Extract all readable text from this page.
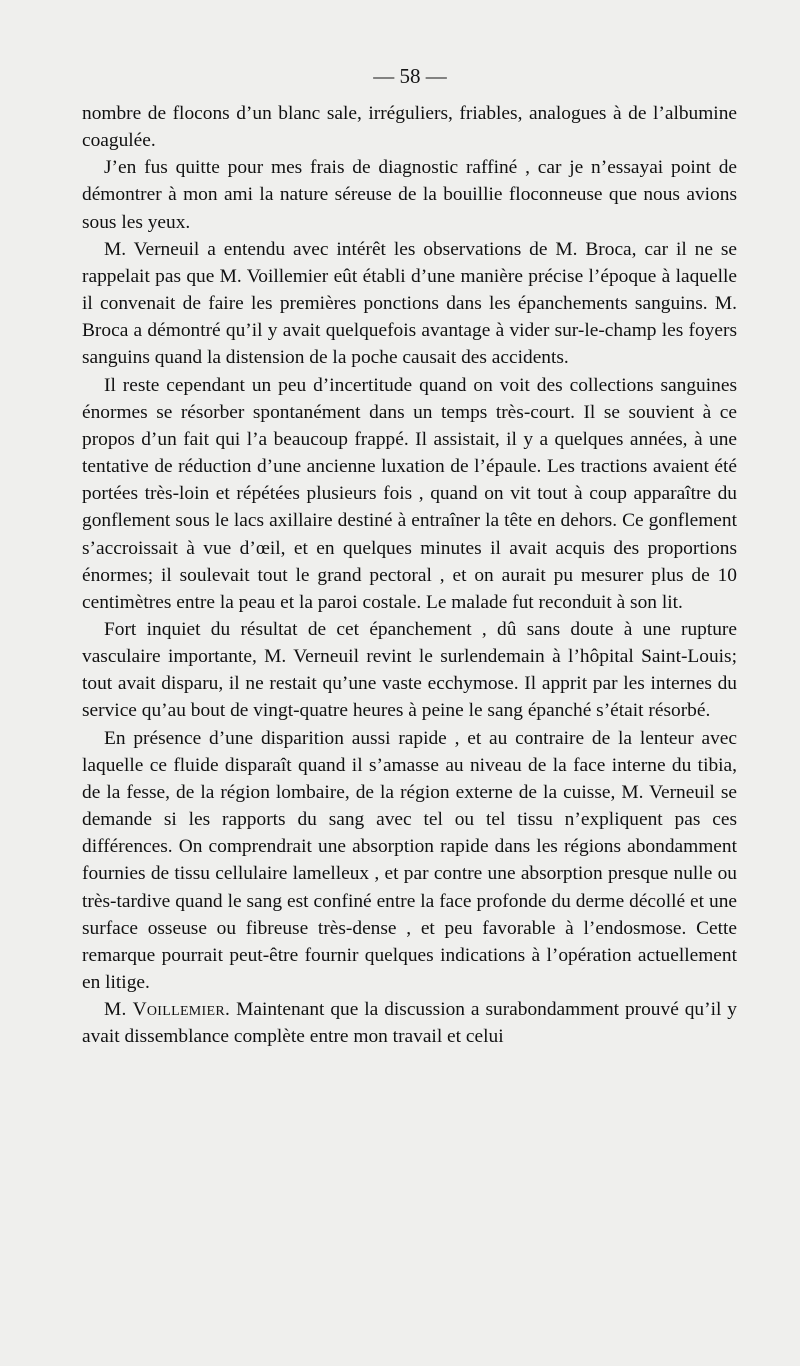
— 58 —

nombre de flocons d’un blanc sale, irréguliers, friables, analogues à de l’albumine coagulée.

J’en fus quitte pour mes frais de diagnostic raffiné , car je n’essayai point de démontrer à mon ami la nature séreuse de la bouillie floconneuse que nous avions sous les yeux.

M. Verneuil a entendu avec intérêt les observations de M. Broca, car il ne se rappelait pas que M. Voillemier eût établi d’une manière précise l’époque à laquelle il convenait de faire les premières ponctions dans les épanchements sanguins. M. Broca a démontré qu’il y avait quelquefois avantage à vider sur-le-champ les foyers sanguins quand la distension de la poche causait des accidents.

Il reste cependant un peu d’incertitude quand on voit des collections sanguines énormes se résorber spontanément dans un temps très-court. Il se souvient à ce propos d’un fait qui l’a beaucoup frappé. Il assistait, il y a quelques années, à une tentative de réduction d’une ancienne luxation de l’épaule. Les tractions avaient été portées très-loin et répétées plusieurs fois , quand on vit tout à coup apparaître du gonflement sous le lacs axillaire destiné à entraîner la tête en dehors. Ce gonflement s’accroissait à vue d’œil, et en quelques minutes il avait acquis des proportions énormes; il soulevait tout le grand pectoral , et on aurait pu mesurer plus de 10 centimètres entre la peau et la paroi costale. Le malade fut reconduit à son lit.

Fort inquiet du résultat de cet épanchement , dû sans doute à une rupture vasculaire importante, M. Verneuil revint le surlendemain à l’hôpital Saint-Louis; tout avait disparu, il ne restait qu’une vaste ecchymose. Il apprit par les internes du service qu’au bout de vingt-quatre heures à peine le sang épanché s’était résorbé.

En présence d’une disparition aussi rapide , et au contraire de la lenteur avec laquelle ce fluide disparaît quand il s’amasse au niveau de la face interne du tibia, de la fesse, de la région lombaire, de la région externe de la cuisse, M. Verneuil se demande si les rapports du sang avec tel ou tel tissu n’expliquent pas ces différences. On comprendrait une absorption rapide dans les régions abondamment fournies de tissu cellulaire lamelleux , et par contre une absorption presque nulle ou très-tardive quand le sang est confiné entre la face profonde du derme décollé et une surface osseuse ou fibreuse très-dense , et peu favorable à l’endosmose. Cette remarque pourrait peut-être fournir quelques indications à l’opération actuellement en litige.

M. Voillemier. Maintenant que la discussion a surabondamment prouvé qu’il y avait dissemblance complète entre mon travail et celui
